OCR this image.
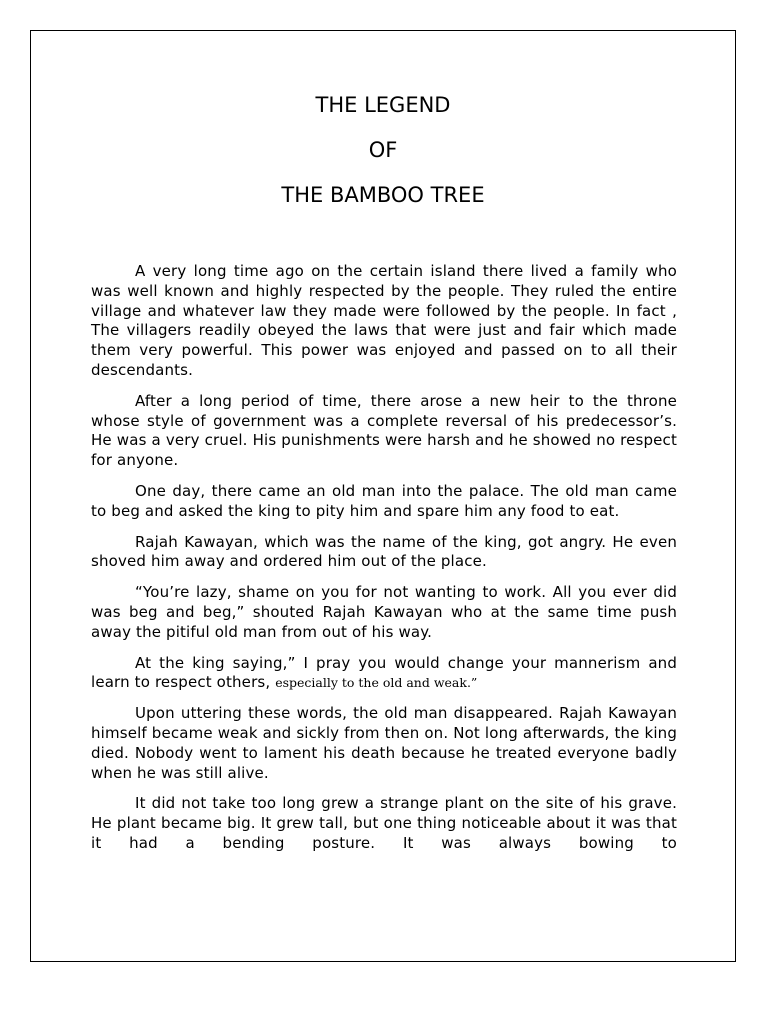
THE LEGEND
OF
THE BAMBOO TREE

A very long time ago on the certain island there lived a family who was well known and highly respected by the people. They ruled the entire village and whatever law they made were followed by the people. In fact , The villagers readily obeyed the laws that were just and fair which made them very powerful. This power was enjoyed and passed on to all their descendants.

After a long period of time, there arose a new heir to the throne whose style of government was a complete reversal of his predecessor’s. He was a very cruel. His punishments were harsh and he showed no respect for anyone.

One day, there came an old man into the palace. The old man came to beg and asked the king to pity him and spare him any food to eat.

Rajah Kawayan, which was the name of the king, got angry. He even shoved him away and ordered him out of the place.

“You’re lazy, shame on you for not wanting to work. All you ever did was beg and beg,” shouted Rajah Kawayan who at the same time push away the pitiful old man from out of his way.

At the king saying,” I pray you would change your mannerism and learn to respect others, especially to the old and weak.”

Upon uttering these words, the old man disappeared. Rajah Kawayan himself became weak and sickly from then on. Not long afterwards, the king died. Nobody went to lament his death because he treated everyone badly when he was still alive.

It did not take too long grew a strange plant on the site of his grave. He plant became big. It grew tall, but one thing noticeable about it was that it had a bending posture. It was always bowing to
